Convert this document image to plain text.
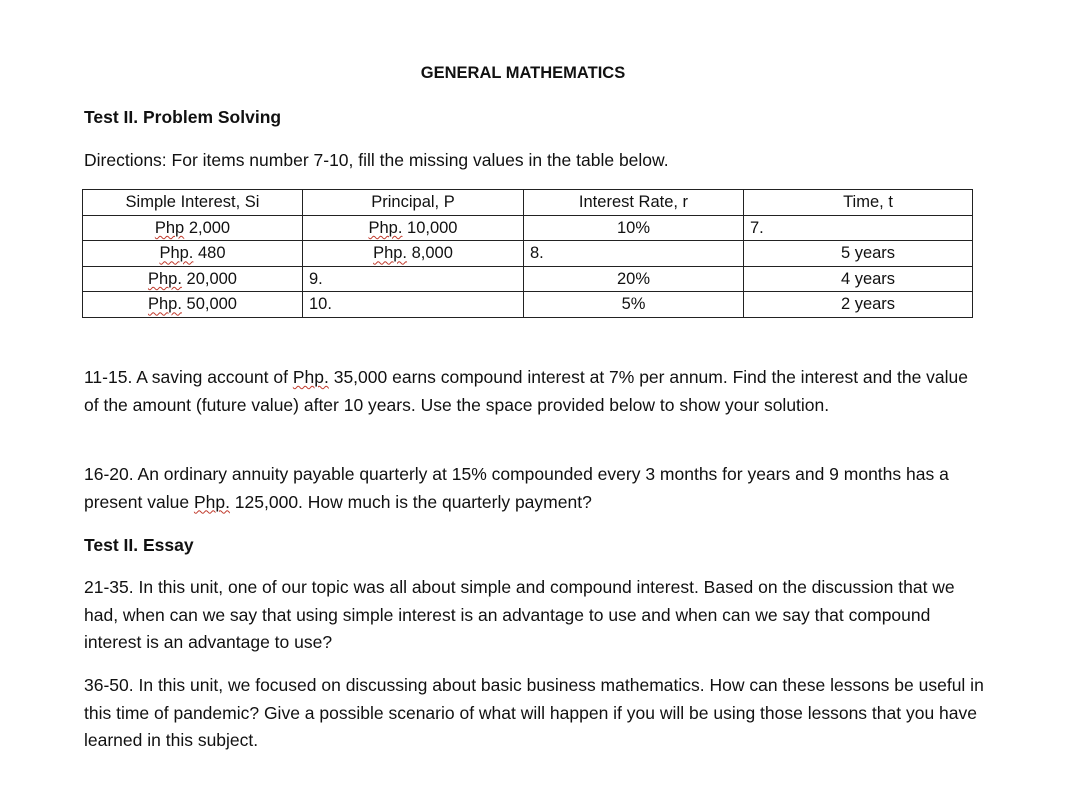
GENERAL MATHEMATICS
Test II. Problem Solving

Directions: For items number 7-10, fill the missing values in the table below.

Simple Interest, Si	Principal, P	Interest Rate, r	Time, t
Php 2,000	Php. 10,000	10%	7.
Php. 480	Php. 8,000	8.	5 years
Php. 20,000	9.	20%	4 years
Php. 50,000	10.	5%	2 years

11-15. A saving account of Php. 35,000 earns compound interest at 7% per annum. Find the interest and the value of the amount (future value) after 10 years. Use the space provided below to show your solution.

16-20. An ordinary annuity payable quarterly at 15% compounded every 3 months for years and 9 months has a present value Php. 125,000. How much is the quarterly payment?

Test II. Essay

21-35. In this unit, one of our topic was all about simple and compound interest. Based on the discussion that we had, when can we say that using simple interest is an advantage to use and when can we say that compound interest is an advantage to use?

36-50. In this unit, we focused on discussing about basic business mathematics. How can these lessons be useful in this time of pandemic? Give a possible scenario of what will happen if you will be using those lessons that you have learned in this subject.
